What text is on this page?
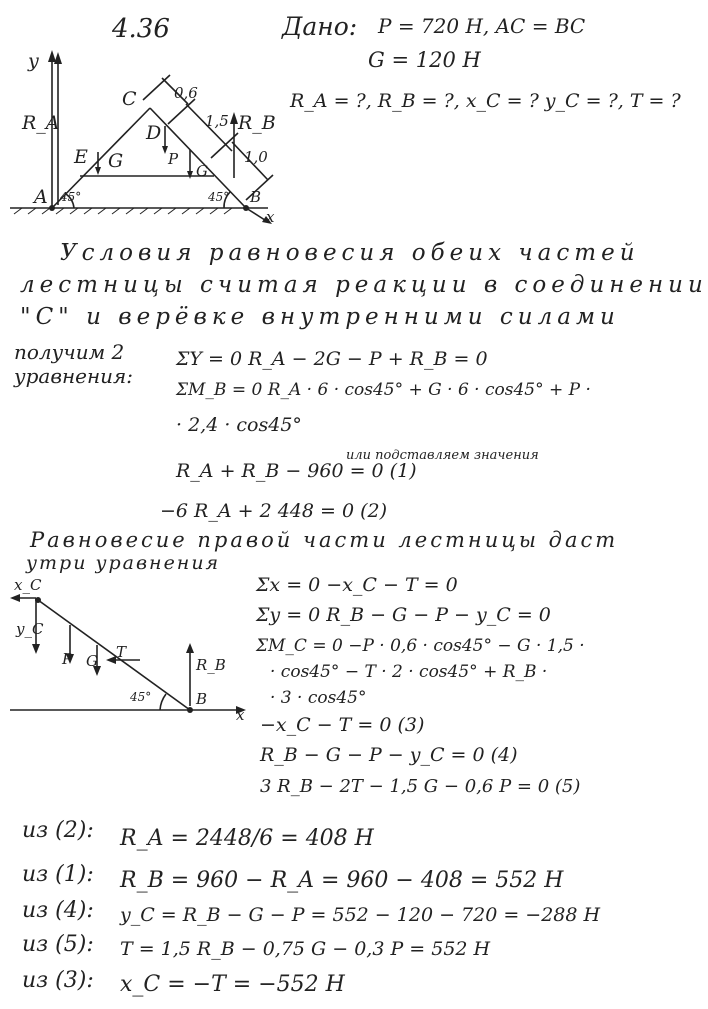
4.36	Дано: P = 720 H, AC = BC
G = 120 H
R_A = ?, R_B = ?, x_C = ? y_C = ?, T = ?
y
R_A
C
D
E G	P
G
A	B
R_B
0,6
1,5
1,0
45°	45°
x
Условия равновесия обеих частей
лестницы считая реакции в соединении
"C" и верёвке внутренними силами
получим 2
уравнения:
ΣY = 0 R_A − 2G − P + R_B = 0
ΣM_B = 0 R_A · 6 · cos45° + G · 6 · cos45° + P ·
· 2,4 · cos45°
или подставляем значения
R_A + R_B − 960 = 0 (1)
−6 R_A + 2 448 = 0 (2)
Равновесие правой части лестницы даст
утри уравнения
x_C
y_C
P G T
R_B
45°	B
x
Σx = 0 −x_C − T = 0
Σy = 0 R_B − G − P − y_C = 0
ΣM_C = 0 −P · 0,6 · cos45° − G · 1,5 ·
· cos45° − T · 2 · cos45° + R_B ·
· 3 · cos45°
−x_C − T = 0 (3)
R_B − G − P − y_C = 0 (4)
3 R_B − 2T − 1,5 G − 0,6 P = 0 (5)
из (2): R_A = 2448/6 = 408 H
из (1): R_B = 960 − R_A = 960 − 408 = 552 H
из (4): y_C = R_B − G − P = 552 − 120 − 720 = −288 H
из (5): T = 1,5 R_B − 0,75 G − 0,3 P = 552 H
из (3): x_C = −T = −552 H
